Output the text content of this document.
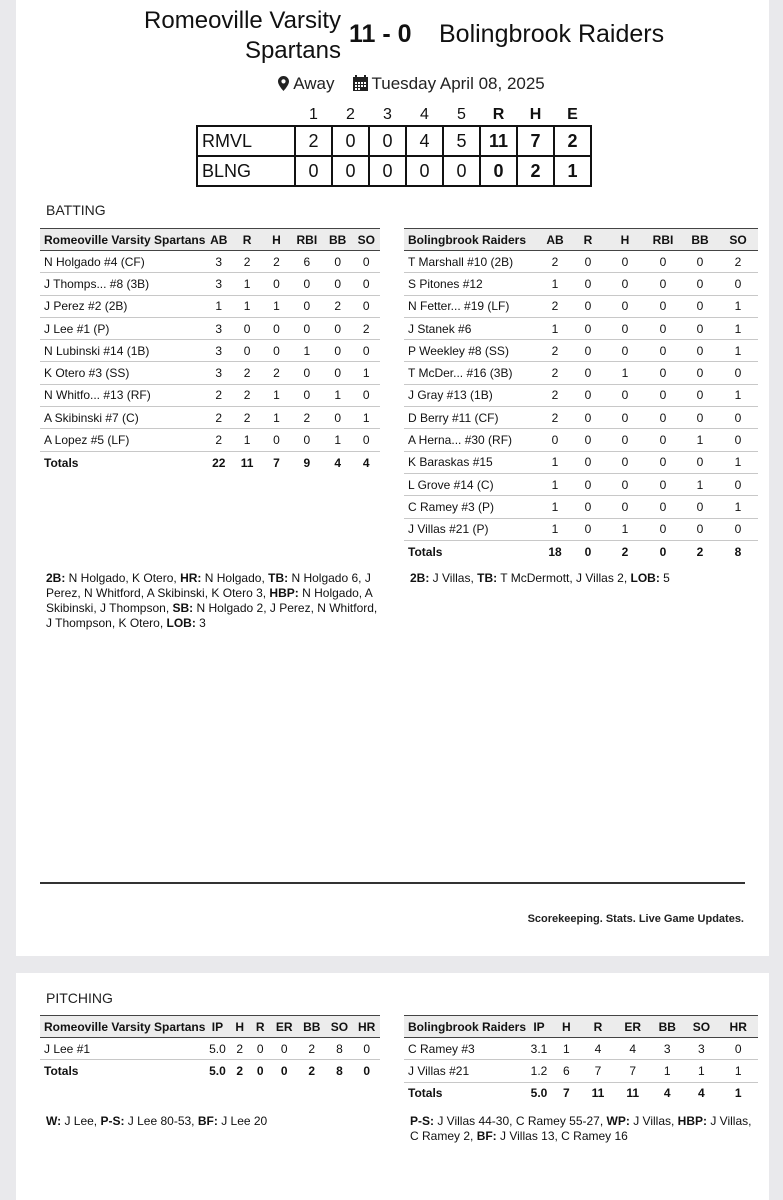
Romeoville Varsity
Spartans
11 - 0 Bolingbrook Raiders
Away Tuesday April 08, 2025
	1	2	3	4	5	R	H	E
RMVL	2	0	0	4	5	11	7	2
BLNG	0	0	0	0	0	0	2	1
BATTING
Romeoville Varsity Spartans	AB	R	H	RBI	BB	SO
N Holgado #4 (CF)	3	2	2	6	0	0
J Thomps... #8 (3B)	3	1	0	0	0	0
J Perez #2 (2B)	1	1	1	0	2	0
J Lee #1 (P)	3	0	0	0	0	2
N Lubinski #14 (1B)	3	0	0	1	0	0
K Otero #3 (SS)	3	2	2	0	0	1
N Whitfo... #13 (RF)	2	2	1	0	1	0
A Skibinski #7 (C)	2	2	1	2	0	1
A Lopez #5 (LF)	2	1	0	0	1	0
Totals	22	11	7	9	4	4
Bolingbrook Raiders	AB	R	H	RBI	BB	SO
T Marshall #10 (2B)	2	0	0	0	0	2
S Pitones #12	1	0	0	0	0	0
N Fetter... #19 (LF)	2	0	0	0	0	1
J Stanek #6	1	0	0	0	0	1
P Weekley #8 (SS)	2	0	0	0	0	1
T McDer... #16 (3B)	2	0	1	0	0	0
J Gray #13 (1B)	2	0	0	0	0	1
D Berry #11 (CF)	2	0	0	0	0	0
A Herna... #30 (RF)	0	0	0	0	1	0
K Baraskas #15	1	0	0	0	0	1
L Grove #14 (C)	1	0	0	0	1	0
C Ramey #3 (P)	1	0	0	0	0	1
J Villas #21 (P)	1	0	1	0	0	0
Totals	18	0	2	0	2	8
2B: N Holgado, K Otero, HR: N Holgado, TB: N Holgado 6, J Perez, N Whitford, A Skibinski, K Otero 3, HBP: N Holgado, A Skibinski, J Thompson, SB: N Holgado 2, J Perez, N Whitford, J Thompson, K Otero, LOB: 3
2B: J Villas, TB: T McDermott, J Villas 2, LOB: 5
Scorekeeping. Stats. Live Game Updates.
PITCHING
Romeoville Varsity Spartans	IP	H	R	ER	BB	SO	HR
J Lee #1	5.0	2	0	0	2	8	0
Totals	5.0	2	0	0	2	8	0
Bolingbrook Raiders	IP	H	R	ER	BB	SO	HR
C Ramey #3	3.1	1	4	4	3	3	0
J Villas #21	1.2	6	7	7	1	1	1
Totals	5.0	7	11	11	4	4	1
W: J Lee, P-S: J Lee 80-53, BF: J Lee 20	P-S: J Villas 44-30, C Ramey 55-27, WP: J Villas, HBP: J Villas, C Ramey 2, BF: J Villas 13, C Ramey 16
